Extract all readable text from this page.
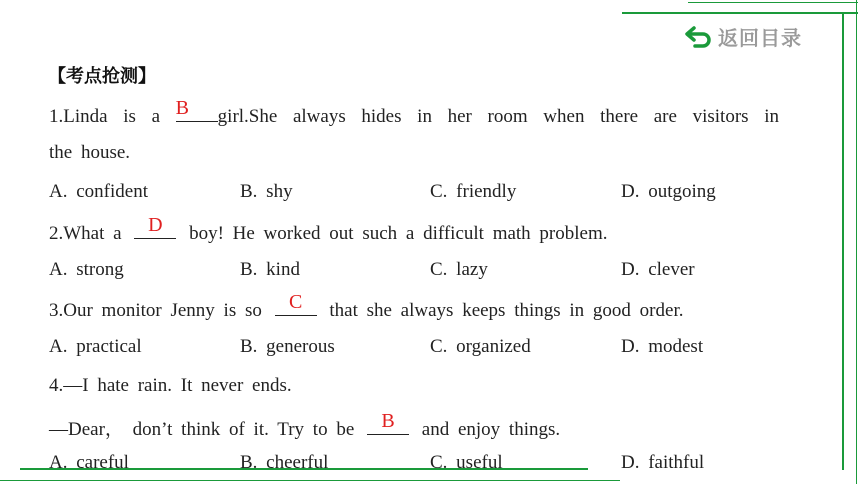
返回目录
【考点抢测】
1.Linda is a B	girl.She always hides in her room when there are visitors in
the house.
A. confident	B. shy	C. friendly	D. outgoing
2.What a	D	boy! He worked out such a difficult math problem.
A. strong	B. kind	C. lazy	D. clever
3.Our monitor Jenny is so	C	that she always keeps things in good order.
A. practical	B. generous	C. organized	D. modest
4.—I hate rain. It never ends.
—Dear， don’t think of it. Try to be	B	and enjoy things.
A. careful	B. cheerful	C. useful	D. faithful
